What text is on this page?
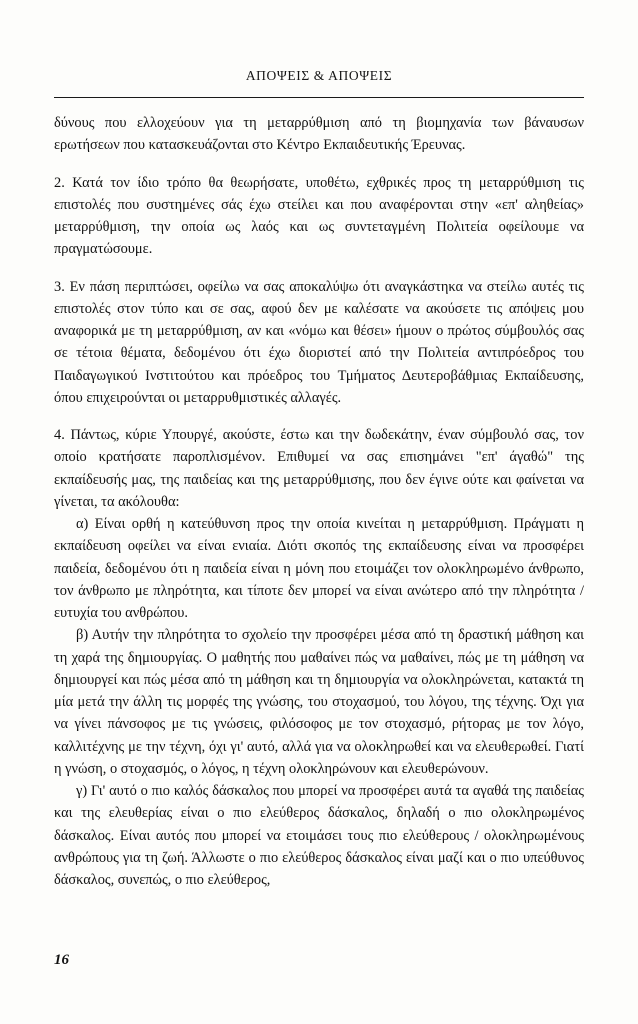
ΑΠΟΨΕΙΣ & ΑΠΟΨΕΙΣ

δύνους που ελλοχεύουν για τη μεταρρύθμιση από τη βιομηχανία των βάναυσων ερωτήσεων που κατασκευάζονται στο Κέντρο Εκπαιδευτικής Έρευνας.

2. Κατά τον ίδιο τρόπο θα θεωρήσατε, υποθέτω, εχθρικές προς τη μεταρρύθμιση τις επιστολές που συστημένες σάς έχω στείλει και που αναφέρονται στην «επ' αληθείας» μεταρρύθμιση, την οποία ως λαός και ως συντεταγμένη Πολιτεία οφείλουμε να πραγματώσουμε.

3. Εν πάση περιπτώσει, οφείλω να σας αποκαλύψω ότι αναγκάστηκα να στείλω αυτές τις επιστολές στον τύπο και σε σας, αφού δεν με καλέσατε να ακούσετε τις απόψεις μου αναφορικά με τη μεταρρύθμιση, αν και «νόμω και θέσει» ήμουν ο πρώτος σύμβουλός σας σε τέτοια θέματα, δεδομένου ότι έχω διοριστεί από την Πολιτεία αντιπρόεδρος του Παιδαγωγικού Ινστιτούτου και πρόεδρος του Τμήματος Δευτεροβάθμιας Εκπαίδευσης, όπου επιχειρούνται οι μεταρρυθμιστικές αλλαγές.

4. Πάντως, κύριε Υπουργέ, ακούστε, έστω και την δωδεκάτην, έναν σύμβουλό σας, τον οποίο κρατήσατε παροπλισμένον. Επιθυμεί να σας επισημάνει "επ' άγαθώ" της εκπαίδευσής μας, της παιδείας και της μεταρρύθμισης, που δεν έγινε ούτε και φαίνεται να γίνεται, τα ακόλουθα:

α) Είναι ορθή η κατεύθυνση προς την οποία κινείται η μεταρρύθμιση. Πράγματι η εκπαίδευση οφείλει να είναι ενιαία. Διότι σκοπός της εκπαίδευσης είναι να προσφέρει παιδεία, δεδομένου ότι η παιδεία είναι η μόνη που ετοιμάζει τον ολοκληρωμένο άνθρωπο, τον άνθρωπο με πληρότητα, και τίποτε δεν μπορεί να είναι ανώτερο από την πληρότητα / ευτυχία του ανθρώπου.

β) Αυτήν την πληρότητα το σχολείο την προσφέρει μέσα από τη δραστική μάθηση και τη χαρά της δημιουργίας. Ο μαθητής που μαθαίνει πώς να μαθαίνει, πώς με τη μάθηση να δημιουργεί και πώς μέσα από τη μάθηση και τη δημιουργία να ολοκληρώνεται, κατακτά τη μία μετά την άλλη τις μορφές της γνώσης, του στοχασμού, του λόγου, της τέχνης. Όχι για να γίνει πάνσοφος με τις γνώσεις, φιλόσοφος με τον στοχασμό, ρήτορας με τον λόγο, καλλιτέχνης με την τέχνη, όχι γι' αυτό, αλλά για να ολοκληρωθεί και να ελευθερωθεί. Γιατί η γνώση, ο στοχασμός, ο λόγος, η τέχνη ολοκληρώνουν και ελευθερώνουν.

γ) Γι' αυτό ο πιο καλός δάσκαλος που μπορεί να προσφέρει αυτά τα αγαθά της παιδείας και της ελευθερίας είναι ο πιο ελεύθερος δάσκαλος, δηλαδή ο πιο ολοκληρωμένος δάσκαλος. Είναι αυτός που μπορεί να ετοιμάσει τους πιο ελεύθερους / ολοκληρωμένους ανθρώπους για τη ζωή. Άλλωστε ο πιο ελεύθερος δάσκαλος είναι μαζί και ο πιο υπεύθυνος δάσκαλος, συνεπώς, ο πιο ελεύθερος,

16
